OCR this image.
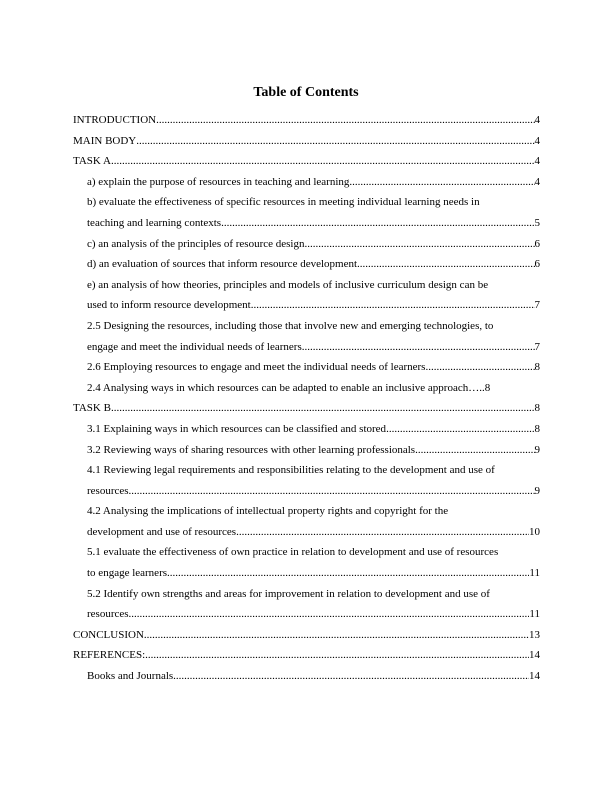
Table of Contents
INTRODUCTION .....	4
MAIN BODY .....	4
TASK A .....	4
a) explain the purpose of resources in teaching and learning .....	4
b) evaluate the effectiveness of specific resources in meeting individual learning needs in
teaching and learning contexts .....	5
c) an analysis of the principles of resource design .....	6
d) an evaluation of sources that inform resource development .....	6
e) an analysis of how theories, principles and models of inclusive curriculum design can be
used to inform resource development .....	7
2.5 Designing the resources, including those that involve new and emerging technologies, to
engage and meet the individual needs of learners .....	7
2.6 Employing resources to engage and meet the individual needs of learners .....	8
2.4 Analysing ways in which resources can be adapted to enable an inclusive approach….. 8
TASK B .....	8
3.1 Explaining ways in which resources can be classified and stored .....	8
3.2 Reviewing ways of sharing resources with other learning professionals .....	9
4.1 Reviewing legal requirements and responsibilities relating to the development and use of
resources .....	9
4.2 Analysing the implications of intellectual property rights and copyright for the
development and use of resources .....	10
5.1 evaluate the effectiveness of own practice in relation to development and use of resources
to engage learners .....	11
5.2 Identify own strengths and areas for improvement in relation to development and use of
resources .....	11
CONCLUSION .....	13
REFERENCES: .....	14
Books and Journals .....	14
